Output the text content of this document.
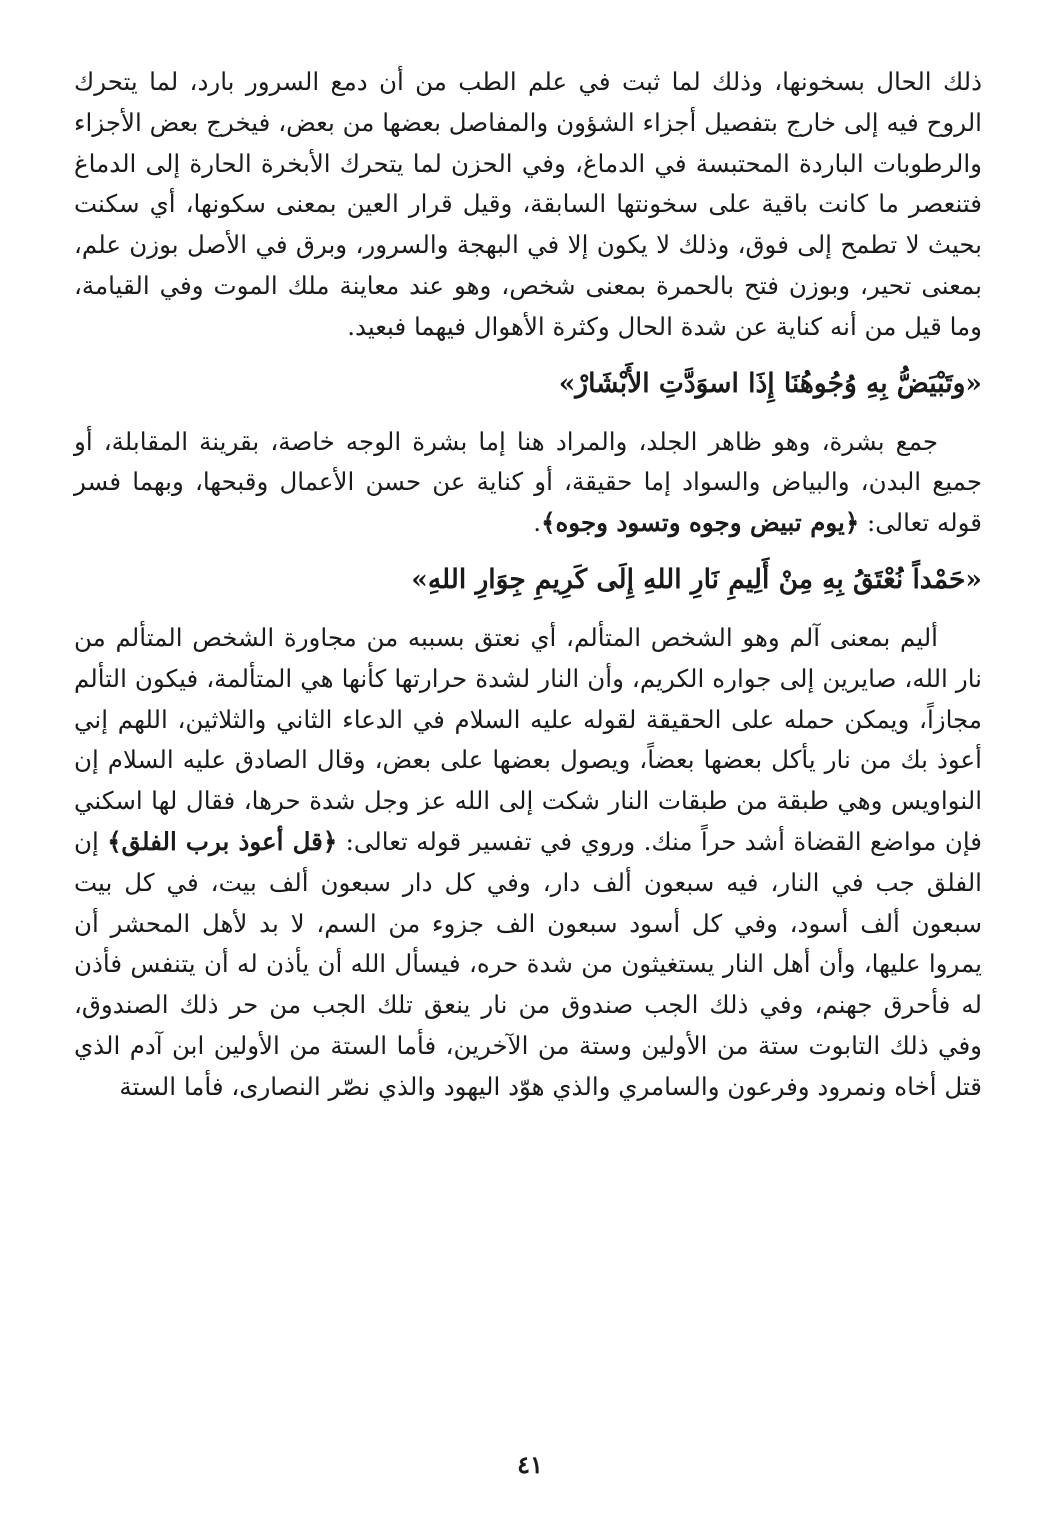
ذلك الحال بسخونها، وذلك لما ثبت في علم الطب من أن دمع السرور بارد، لما يتحرك الروح فيه إلى خارج بتفصيل أجزاء الشؤون والمفاصل بعضها من بعض، فيخرج بعض الأجزاء والرطوبات الباردة المحتبسة في الدماغ، وفي الحزن لما يتحرك الأبخرة الحارة إلى الدماغ فتنعصر ما كانت باقية على سخونتها السابقة، وقيل قرار العين بمعنى سكونها، أي سكنت بحيث لا تطمح إلى فوق، وذلك لا يكون إلا في البهجة والسرور، وبرق في الأصل بوزن علم، بمعنى تحير، وبوزن فتح بالحمرة بمعنى شخص، وهو عند معاينة ملك الموت وفي القيامة، وما قيل من أنه كناية عن شدة الحال وكثرة الأهوال فيهما فبعيد.

«وتَبْيَضُّ بِهِ وُجُوهُنَا إِذَا اسوَدَّتِ الأَبْشَارْ»

جمع بشرة، وهو ظاهر الجلد، والمراد هنا إما بشرة الوجه خاصة، بقرينة المقابلة، أو جميع البدن، والبياض والسواد إما حقيقة، أو كناية عن حسن الأعمال وقبحها، وبهما فسر قوله تعالى: ﴿يوم تبيض وجوه وتسود وجوه﴾.

«حَمْداً نُعْتَقُ بِهِ مِنْ أَلِيمِ نَارِ اللهِ إِلَى كَرِيمِ جِوَارِ اللهِ»

أليم بمعنى آلم وهو الشخص المتألم، أي نعتق بسببه من مجاورة الشخص المتألم من نار الله، صايرين إلى جواره الكريم، وأن النار لشدة حرارتها كأنها هي المتألمة، فيكون التألم مجازاً، ويمكن حمله على الحقيقة لقوله عليه السلام في الدعاء الثاني والثلاثين، اللهم إني أعوذ بك من نار يأكل بعضها بعضاً، ويصول بعضها على بعض، وقال الصادق عليه السلام إن النواويس وهي طبقة من طبقات النار شكت إلى الله عز وجل شدة حرها، فقال لها اسكني فإن مواضع القضاة أشد حراً منك. وروي في تفسير قوله تعالى: ﴿قل أعوذ برب الفلق﴾ إن الفلق جب في النار، فيه سبعون ألف دار، وفي كل دار سبعون ألف بيت، في كل بيت سبعون ألف أسود، وفي كل أسود سبعون الف جزوء من السم، لا بد لأهل المحشر أن يمروا عليها، وأن أهل النار يستغيثون من شدة حره، فيسأل الله أن يأذن له أن يتنفس فأذن له فأحرق جهنم، وفي ذلك الجب صندوق من نار ينعق تلك الجب من حر ذلك الصندوق، وفي ذلك التابوت ستة من الأولين وستة من الآخرين، فأما الستة من الأولين ابن آدم الذي قتل أخاه ونمرود وفرعون والسامري والذي هوّد اليهود والذي نصّر النصارى، فأما الستة

٤١
